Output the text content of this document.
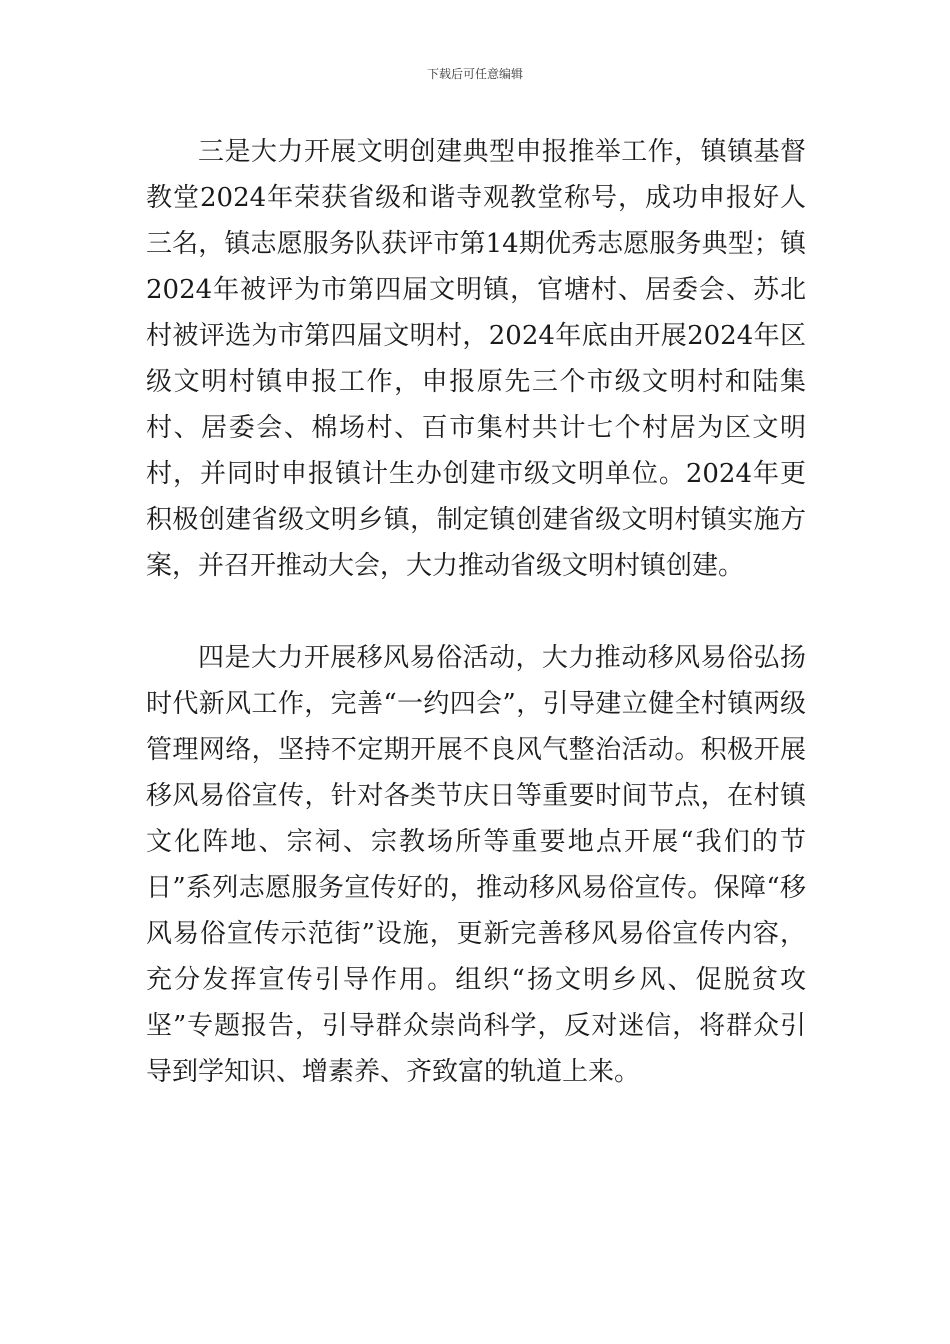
下载后可任意编辑

三是大力开展文明创建典型申报推举工作，镇镇基督教堂2024年荣获省级和谐寺观教堂称号，成功申报好人三名，镇志愿服务队获评市第14期优秀志愿服务典型；镇2024年被评为市第四届文明镇，官塘村、居委会、苏北村被评选为市第四届文明村，2024年底由开展2024年区级文明村镇申报工作，申报原先三个市级文明村和陆集村、居委会、棉场村、百市集村共计七个村居为区文明村，并同时申报镇计生办创建市级文明单位。2024年更积极创建省级文明乡镇，制定镇创建省级文明村镇实施方案，并召开推动大会，大力推动省级文明村镇创建。

四是大力开展移风易俗活动，大力推动移风易俗弘扬时代新风工作，完善“一约四会”，引导建立健全村镇两级管理网络，坚持不定期开展不良风气整治活动。积极开展移风易俗宣传，针对各类节庆日等重要时间节点，在村镇文化阵地、宗祠、宗教场所等重要地点开展“我们的节日”系列志愿服务宣传好的，推动移风易俗宣传。保障“移风易俗宣传示范街”设施，更新完善移风易俗宣传内容，充分发挥宣传引导作用。组织“扬文明乡风、促脱贫攻坚”专题报告，引导群众崇尚科学，反对迷信，将群众引导到学知识、增素养、齐致富的轨道上来。
